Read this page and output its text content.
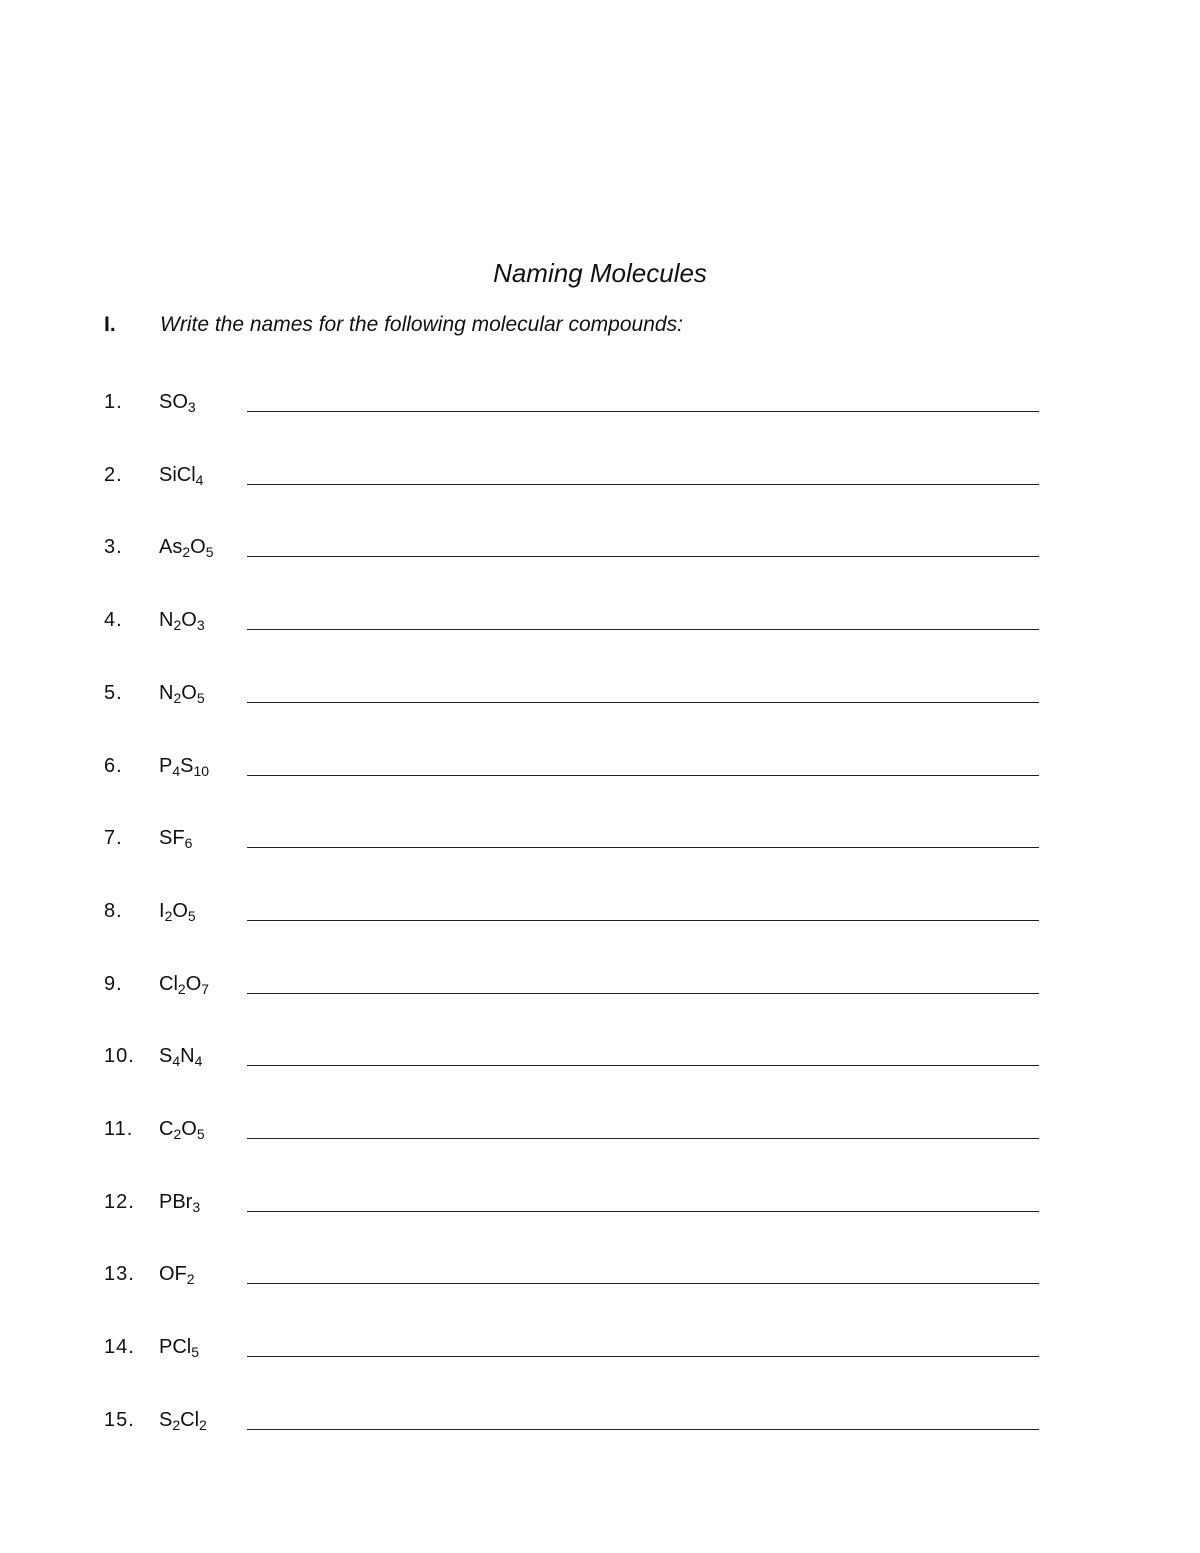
Naming Molecules
I. Write the names for the following molecular compounds:
1. $SO_3$
2. SiCl$_4$
3. $As_2O_5$
4. $N_2O_3$
5. $N_2O_5$
6. $P_4S_{10}$
7. $SF_6$
8. $I_2O_5$
9. $Cl_2O_7$
10. $S_4N_4$
11. $C_2O_5$
12. PBr$_3$
13. $OF_2$
14. PCl$_5$
15. $S_2Cl_2$
